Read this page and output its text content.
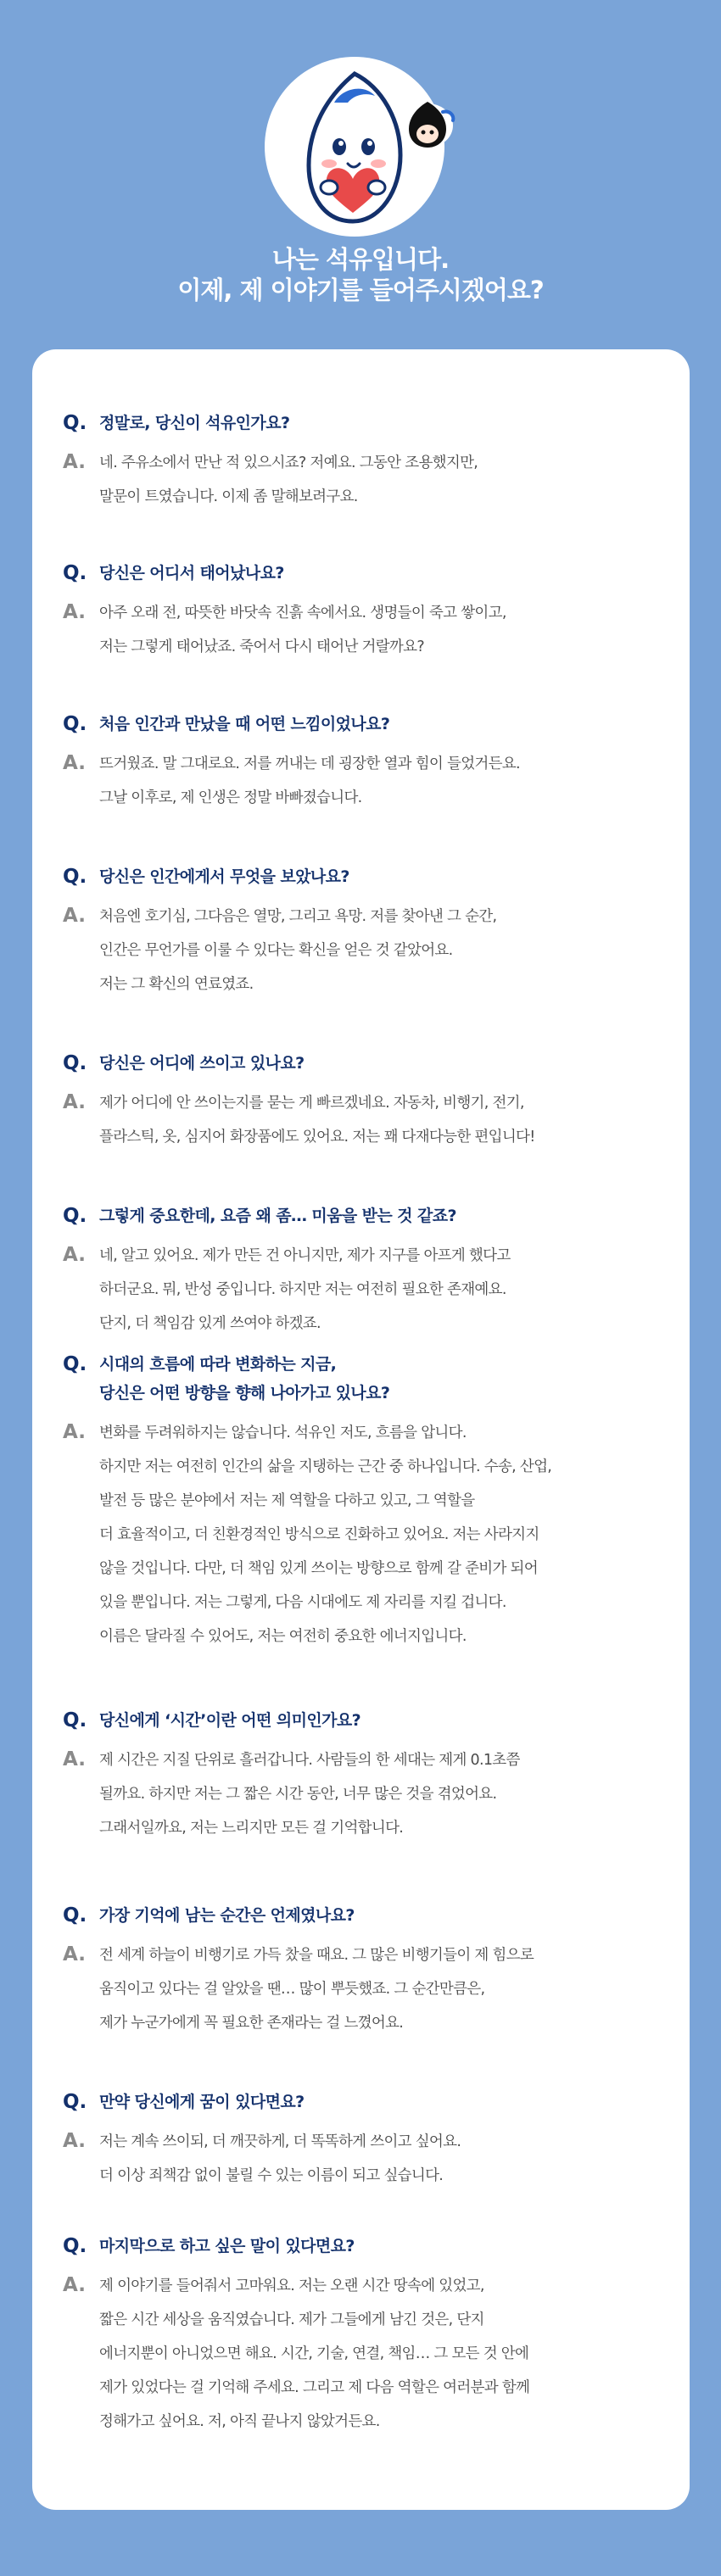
나는 석유입니다.
이제, 제 이야기를 들어주시겠어요?
Q. 정말로, 당신이 석유인가요?
A. 네. 주유소에서 만난 적 있으시죠? 저예요. 그동안 조용했지만,
말문이 트였습니다. 이제 좀 말해보려구요.
Q. 당신은 어디서 태어났나요?
A. 아주 오래 전, 따뜻한 바닷속 진흙 속에서요. 생명들이 죽고 쌓이고,
저는 그렇게 태어났죠. 죽어서 다시 태어난 거랄까요?
Q. 처음 인간과 만났을 때 어떤 느낌이었나요?
A. 뜨거웠죠. 말 그대로요. 저를 꺼내는 데 굉장한 열과 힘이 들었거든요.
그날 이후로, 제 인생은 정말 바빠졌습니다.
Q. 당신은 인간에게서 무엇을 보았나요?
A. 처음엔 호기심, 그다음은 열망, 그리고 욕망. 저를 찾아낸 그 순간,
인간은 무언가를 이룰 수 있다는 확신을 얻은 것 같았어요.
저는 그 확신의 연료였죠.
Q. 당신은 어디에 쓰이고 있나요?
A. 제가 어디에 안 쓰이는지를 묻는 게 빠르겠네요. 자동차, 비행기, 전기,
플라스틱, 옷, 심지어 화장품에도 있어요. 저는 꽤 다재다능한 편입니다!
Q. 그렇게 중요한데, 요즘 왜 좀… 미움을 받는 것 같죠?
A. 네, 알고 있어요. 제가 만든 건 아니지만, 제가 지구를 아프게 했다고
하더군요. 뭐, 반성 중입니다. 하지만 저는 여전히 필요한 존재예요.
단지, 더 책임감 있게 쓰여야 하겠죠.
Q. 시대의 흐름에 따라 변화하는 지금,
당신은 어떤 방향을 향해 나아가고 있나요?
A. 변화를 두려워하지는 않습니다. 석유인 저도, 흐름을 압니다.
하지만 저는 여전히 인간의 삶을 지탱하는 근간 중 하나입니다. 수송, 산업,
발전 등 많은 분야에서 저는 제 역할을 다하고 있고, 그 역할을
더 효율적이고, 더 친환경적인 방식으로 진화하고 있어요. 저는 사라지지
않을 것입니다. 다만, 더 책임 있게 쓰이는 방향으로 함께 갈 준비가 되어
있을 뿐입니다. 저는 그렇게, 다음 시대에도 제 자리를 지킬 겁니다.
이름은 달라질 수 있어도, 저는 여전히 중요한 에너지입니다.
Q. 당신에게 ‘시간’이란 어떤 의미인가요?
A. 제 시간은 지질 단위로 흘러갑니다. 사람들의 한 세대는 제게 0.1초쯤
될까요. 하지만 저는 그 짧은 시간 동안, 너무 많은 것을 겪었어요.
그래서일까요, 저는 느리지만 모든 걸 기억합니다.
Q. 가장 기억에 남는 순간은 언제였나요?
A. 전 세계 하늘이 비행기로 가득 찼을 때요. 그 많은 비행기들이 제 힘으로
움직이고 있다는 걸 알았을 땐… 많이 뿌듯했죠. 그 순간만큼은,
제가 누군가에게 꼭 필요한 존재라는 걸 느꼈어요.
Q. 만약 당신에게 꿈이 있다면요?
A. 저는 계속 쓰이되, 더 깨끗하게, 더 똑똑하게 쓰이고 싶어요.
더 이상 죄책감 없이 불릴 수 있는 이름이 되고 싶습니다.
Q. 마지막으로 하고 싶은 말이 있다면요?
A. 제 이야기를 들어줘서 고마워요. 저는 오랜 시간 땅속에 있었고,
짧은 시간 세상을 움직였습니다. 제가 그들에게 남긴 것은, 단지
에너지뿐이 아니었으면 해요. 시간, 기술, 연결, 책임… 그 모든 것 안에
제가 있었다는 걸 기억해 주세요. 그리고 제 다음 역할은 여러분과 함께
정해가고 싶어요. 저, 아직 끝나지 않았거든요.
